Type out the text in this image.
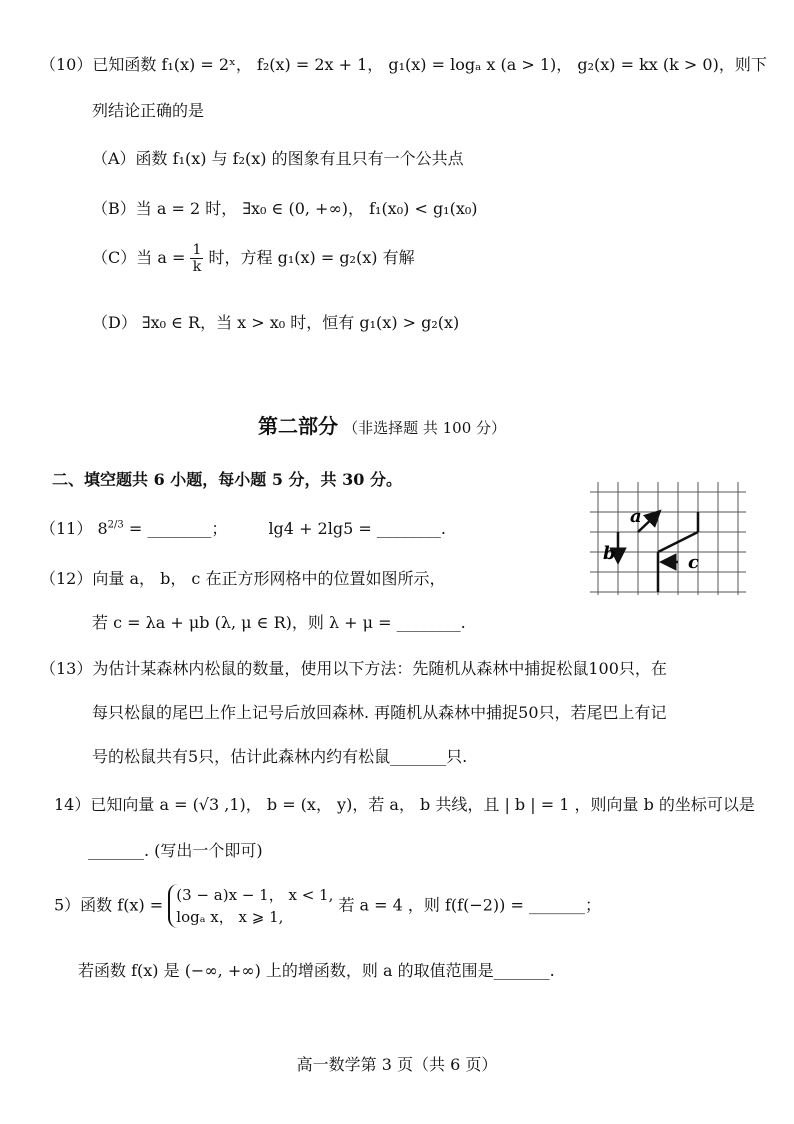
（10）已知函数 f₁(x) = 2ˣ， f₂(x) = 2x + 1， g₁(x) = logₐ x (a > 1)， g₂(x) = kx (k > 0)，则下
列结论正确的是
（A）函数 f₁(x) 与 f₂(x) 的图象有且只有一个公共点
（B）当 a = 2 时， ∃x₀ ∈ (0, +∞)， f₁(x₀) < g₁(x₀)
（C）当 $a = \frac{1}{k}$ 时，方程 g₁(x) = g₂(x) 有解
（D） ∃x₀ ∈ R，当 x > x₀ 时，恒有 g₁(x) > g₂(x)
第二部分 （非选择题 共 100 分）
二、填空题共 6 小题，每小题 5 分，共 30 分。
（11） $8^{2/3}$ = ________；	lg4 + 2lg5 = ________.
（12）向量 a， b， c 在正方形网格中的位置如图所示，
若 c = λa + μb (λ, μ ∈ R)，则 λ + μ = ________.
a
b	c
（13）为估计某森林内松鼠的数量，使用以下方法：先随机从森林中捕捉松鼠100只，在
每只松鼠的尾巴上作上记号后放回森林. 再随机从森林中捕捉50只，若尾巴上有记
号的松鼠共有5只，估计此森林内约有松鼠_______只.
14）已知向量 a = (√3 ,1)， b = (x， y)，若 a， b 共线，且 | b | = 1 ，则向量 b 的坐标可以是
_______. (写出一个即可)
5）函数 f(x) =
(3 − a)x − 1， x < 1,
logₐ x， x ⩾ 1,
若 a = 4 ，则 f(f(−2)) = _______；
若函数 f(x) 是 (−∞, +∞) 上的增函数，则 a 的取值范围是_______.
高一数学第 3 页（共 6 页）
